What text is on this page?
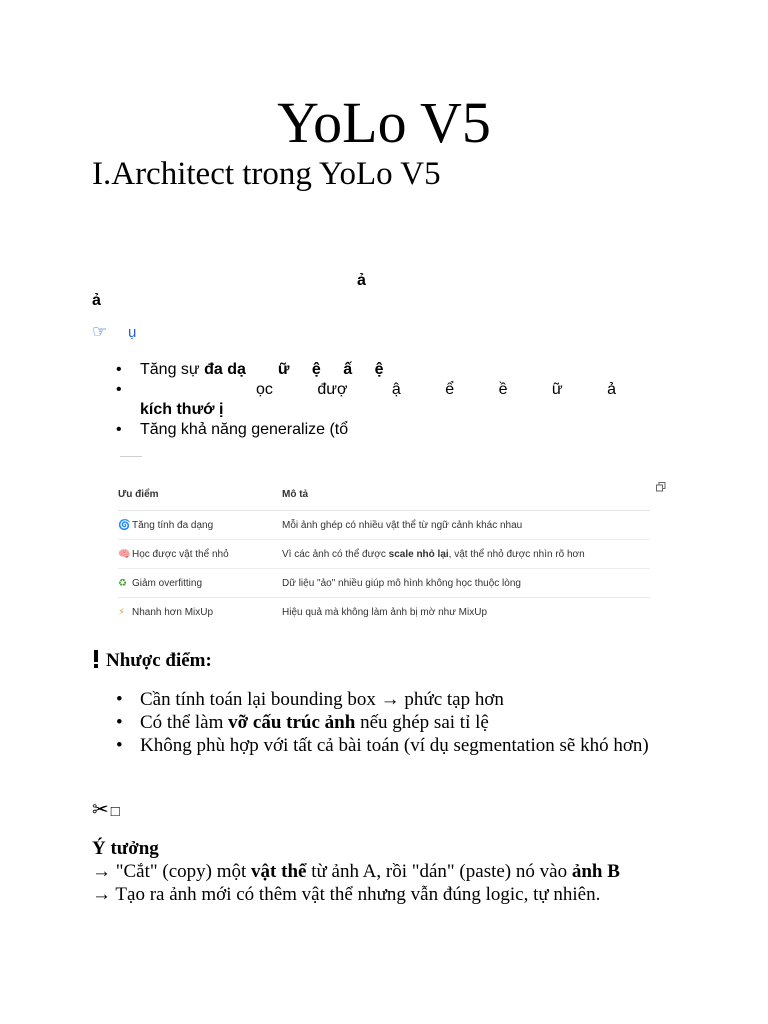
YoLo V5
I.Architect trong YoLo V5
ả
ả
☞ ụ
• Tăng sự đa dạ ữ ệ ấ ệ
• ọc đượ ậ ể ề ữ ả
kích thướ ị
• Tăng khả năng generalize (tổ
Ưu điểm	Mô tả
🌀 Tăng tính đa dạng	Mỗi ảnh ghép có nhiều vật thể từ ngữ cảnh khác nhau
🧠 Học được vật thể nhỏ	Vì các ảnh có thể được scale nhỏ lại, vật thể nhỏ được nhìn rõ hơn
♻ Giảm overfitting	Dữ liệu "ảo" nhiều giúp mô hình không học thuộc lòng
⚡ Nhanh hơn MixUp	Hiệu quả mà không làm ảnh bị mờ như MixUp
Nhược điểm:
• Cần tính toán lại bounding box → phức tạp hơn
• Có thể làm vỡ cấu trúc ảnh nếu ghép sai tỉ lệ
• Không phù hợp với tất cả bài toán (ví dụ segmentation sẽ khó hơn)
✂ □
Ý tưởng
→ "Cắt" (copy) một vật thể từ ảnh A, rồi "dán" (paste) nó vào ảnh B
→ Tạo ra ảnh mới có thêm vật thể nhưng vẫn đúng logic, tự nhiên.
